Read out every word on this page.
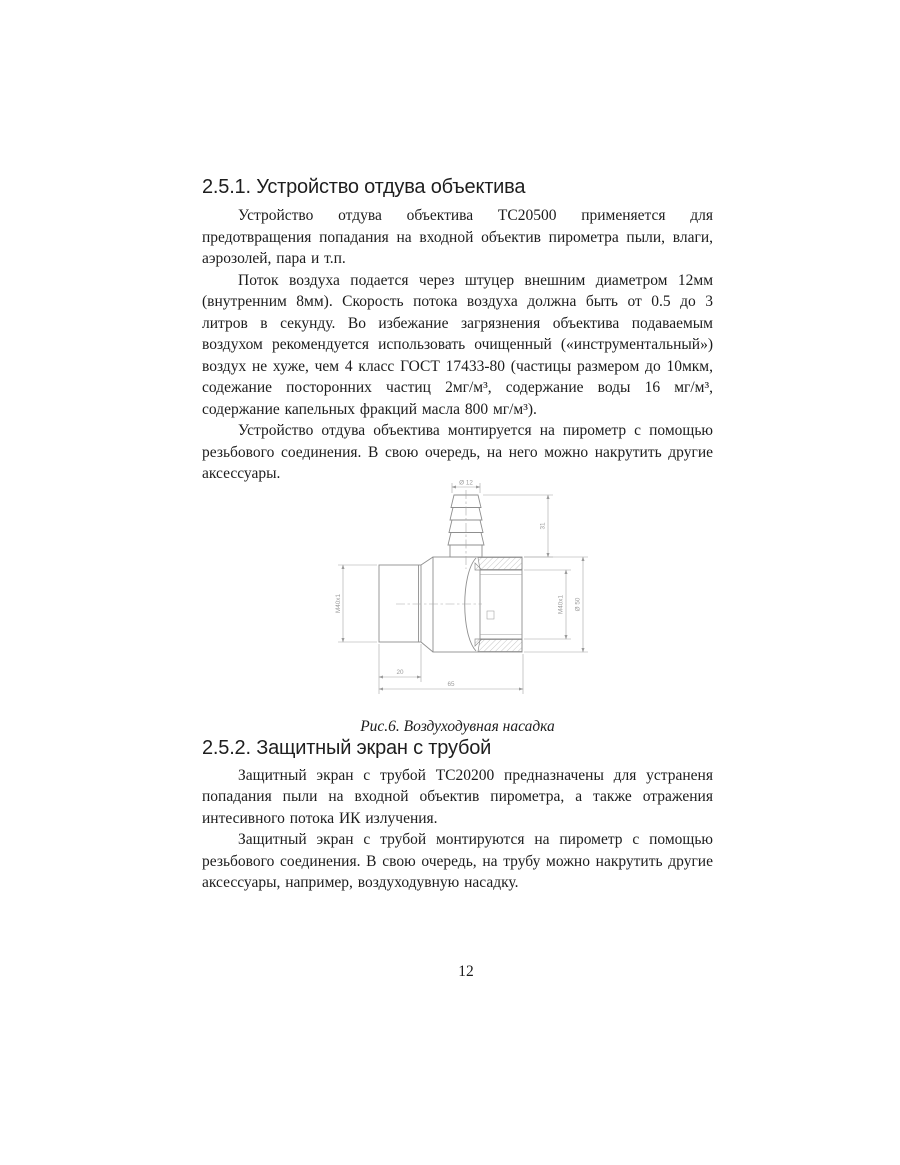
2.5.1. Устройство отдува объектива

Устройство отдува объектива ТС20500 применяется для предотвращения попадания на входной объектив пирометра пыли, влаги, аэрозолей, пара и т.п.

Поток воздуха подается через штуцер внешним диаметром 12мм (внутренним 8мм). Скорость потока воздуха должна быть от 0.5 до 3 литров в секунду. Во избежание загрязнения объектива подаваемым воздухом рекомендуется использовать очищенный («инструментальный») воздух не хуже, чем 4 класс ГОСТ 17433-80 (частицы размером до 10мкм, содежание посторонних частиц 2мг/м³, содержание воды 16 мг/м³, содержание капельных фракций масла 800 мг/м³).

Устройство отдува объектива монтируется на пирометр с помощью резьбового соединения. В свою очередь, на него можно накрутить другие аксессуары.

Ø 12
31
M40x1	M40x1 Ø 50
20
65
Рис.6. Воздуходувная насадка
2.5.2. Защитный экран с трубой

Защитный экран с трубой ТС20200 предназначены для устраненя попадания пыли на входной объектив пирометра, а также отражения интесивного потока ИК излучения.

Защитный экран с трубой монтируются на пирометр с помощью резьбового соединения. В свою очередь, на трубу можно накрутить другие аксессуары, например, воздуходувную насадку.

12
